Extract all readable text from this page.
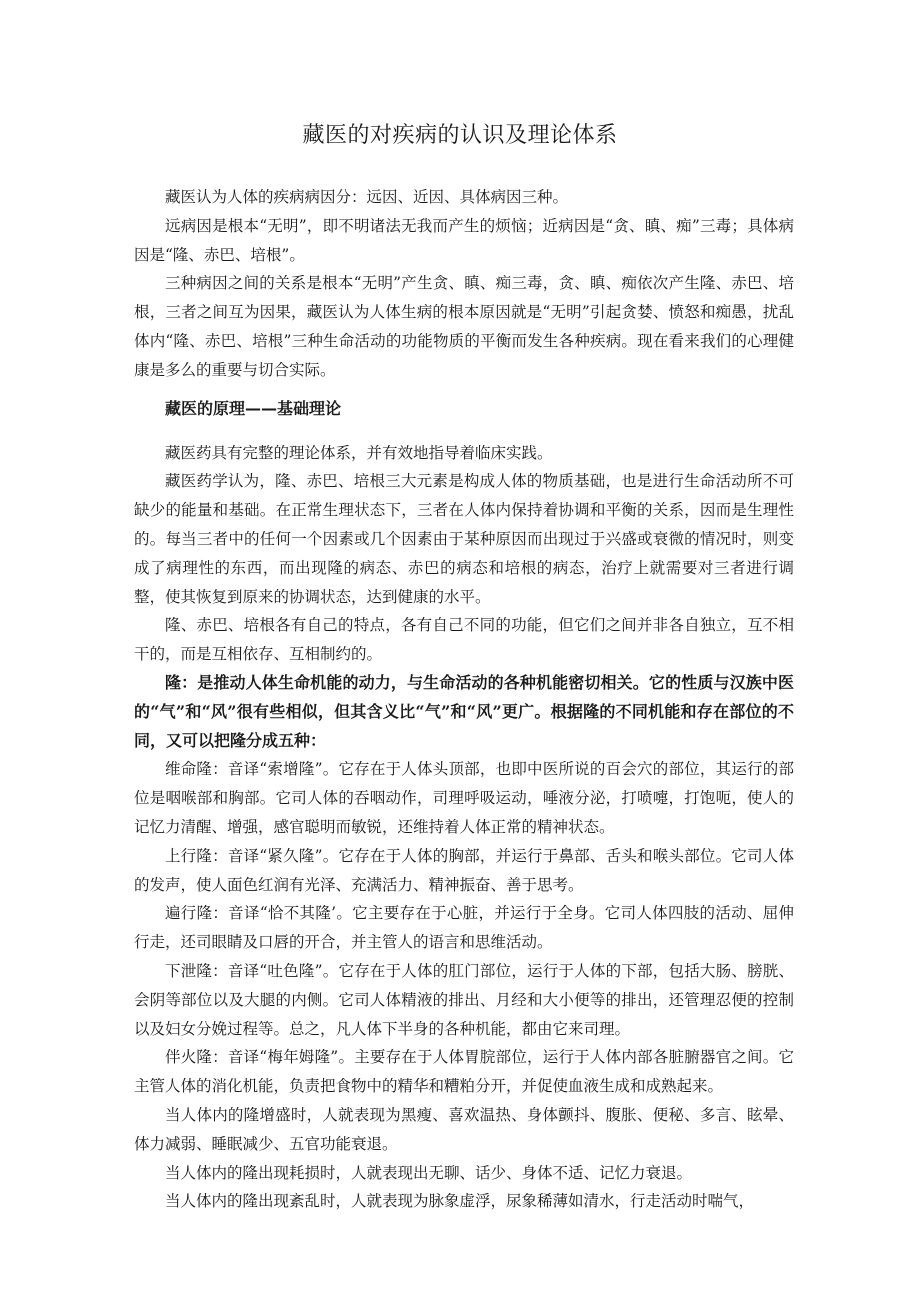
藏医的对疾病的认识及理论体系

藏医认为人体的疾病病因分：远因、近因、具体病因三种。

远病因是根本“无明”，即不明诸法无我而产生的烦恼；近病因是“贪、瞋、痴”三毒；具体病因是“隆、赤巴、培根”。

三种病因之间的关系是根本“无明”产生贪、瞋、痴三毒，贪、瞋、痴依次产生隆、赤巴、培根，三者之间互为因果，藏医认为人体生病的根本原因就是“无明”引起贪婪、愤怒和痴愚，扰乱体内“隆、赤巴、培根”三种生命活动的功能物质的平衡而发生各种疾病。现在看来我们的心理健康是多么的重要与切合实际。

藏医的原理——基础理论

藏医药具有完整的理论体系，并有效地指导着临床实践。

藏医药学认为，隆、赤巴、培根三大元素是构成人体的物质基础，也是进行生命活动所不可缺少的能量和基础。在正常生理状态下，三者在人体内保持着协调和平衡的关系，因而是生理性的。每当三者中的任何一个因素或几个因素由于某种原因而出现过于兴盛或衰微的情况时，则变成了病理性的东西，而出现隆的病态、赤巴的病态和培根的病态，治疗上就需要对三者进行调整，使其恢复到原来的协调状态，达到健康的水平。

隆、赤巴、培根各有自己的特点，各有自己不同的功能，但它们之间并非各自独立，互不相干的，而是互相依存、互相制约的。

隆：是推动人体生命机能的动力，与生命活动的各种机能密切相关。它的性质与汉族中医的“气”和“风”很有些相似，但其含义比“气”和“风”更广。根据隆的不同机能和存在部位的不同，又可以把隆分成五种：

维命隆：音译“索增隆”。它存在于人体头顶部，也即中医所说的百会穴的部位，其运行的部位是咽喉部和胸部。它司人体的吞咽动作，司理呼吸运动，唾液分泌，打喷嚏，打饱呃，使人的记忆力清醒、增强，感官聪明而敏锐，还维持着人体正常的精神状态。

上行隆：音译“紧久隆”。它存在于人体的胸部，并运行于鼻部、舌头和喉头部位。它司人体的发声，使人面色红润有光泽、充满活力、精神振奋、善于思考。

遍行隆：音译“恰不其隆’。它主要存在于心脏，并运行于全身。它司人体四肢的活动、屈伸行走，还司眼睛及口唇的开合，并主管人的语言和思维活动。

下泄隆：音译“吐色隆”。它存在于人体的肛门部位，运行于人体的下部，包括大肠、膀胱、会阴等部位以及大腿的内侧。它司人体精液的排出、月经和大小便等的排出，还管理忍便的控制以及妇女分娩过程等。总之，凡人体下半身的各种机能，都由它来司理。

伴火隆：音译“梅年姆隆”。主要存在于人体胃脘部位，运行于人体内部各脏腑器官之间。它主管人体的消化机能，负责把食物中的精华和糟粕分开，并促使血液生成和成熟起来。

当人体内的隆增盛时，人就表现为黑瘦、喜欢温热、身体颤抖、腹胀、便秘、多言、眩晕、体力减弱、睡眠减少、五官功能衰退。

当人体内的隆出现耗损时，人就表现出无聊、话少、身体不适、记忆力衰退。

当人体内的隆出现紊乱时，人就表现为脉象虚浮，尿象稀薄如清水，行走活动时喘气，
